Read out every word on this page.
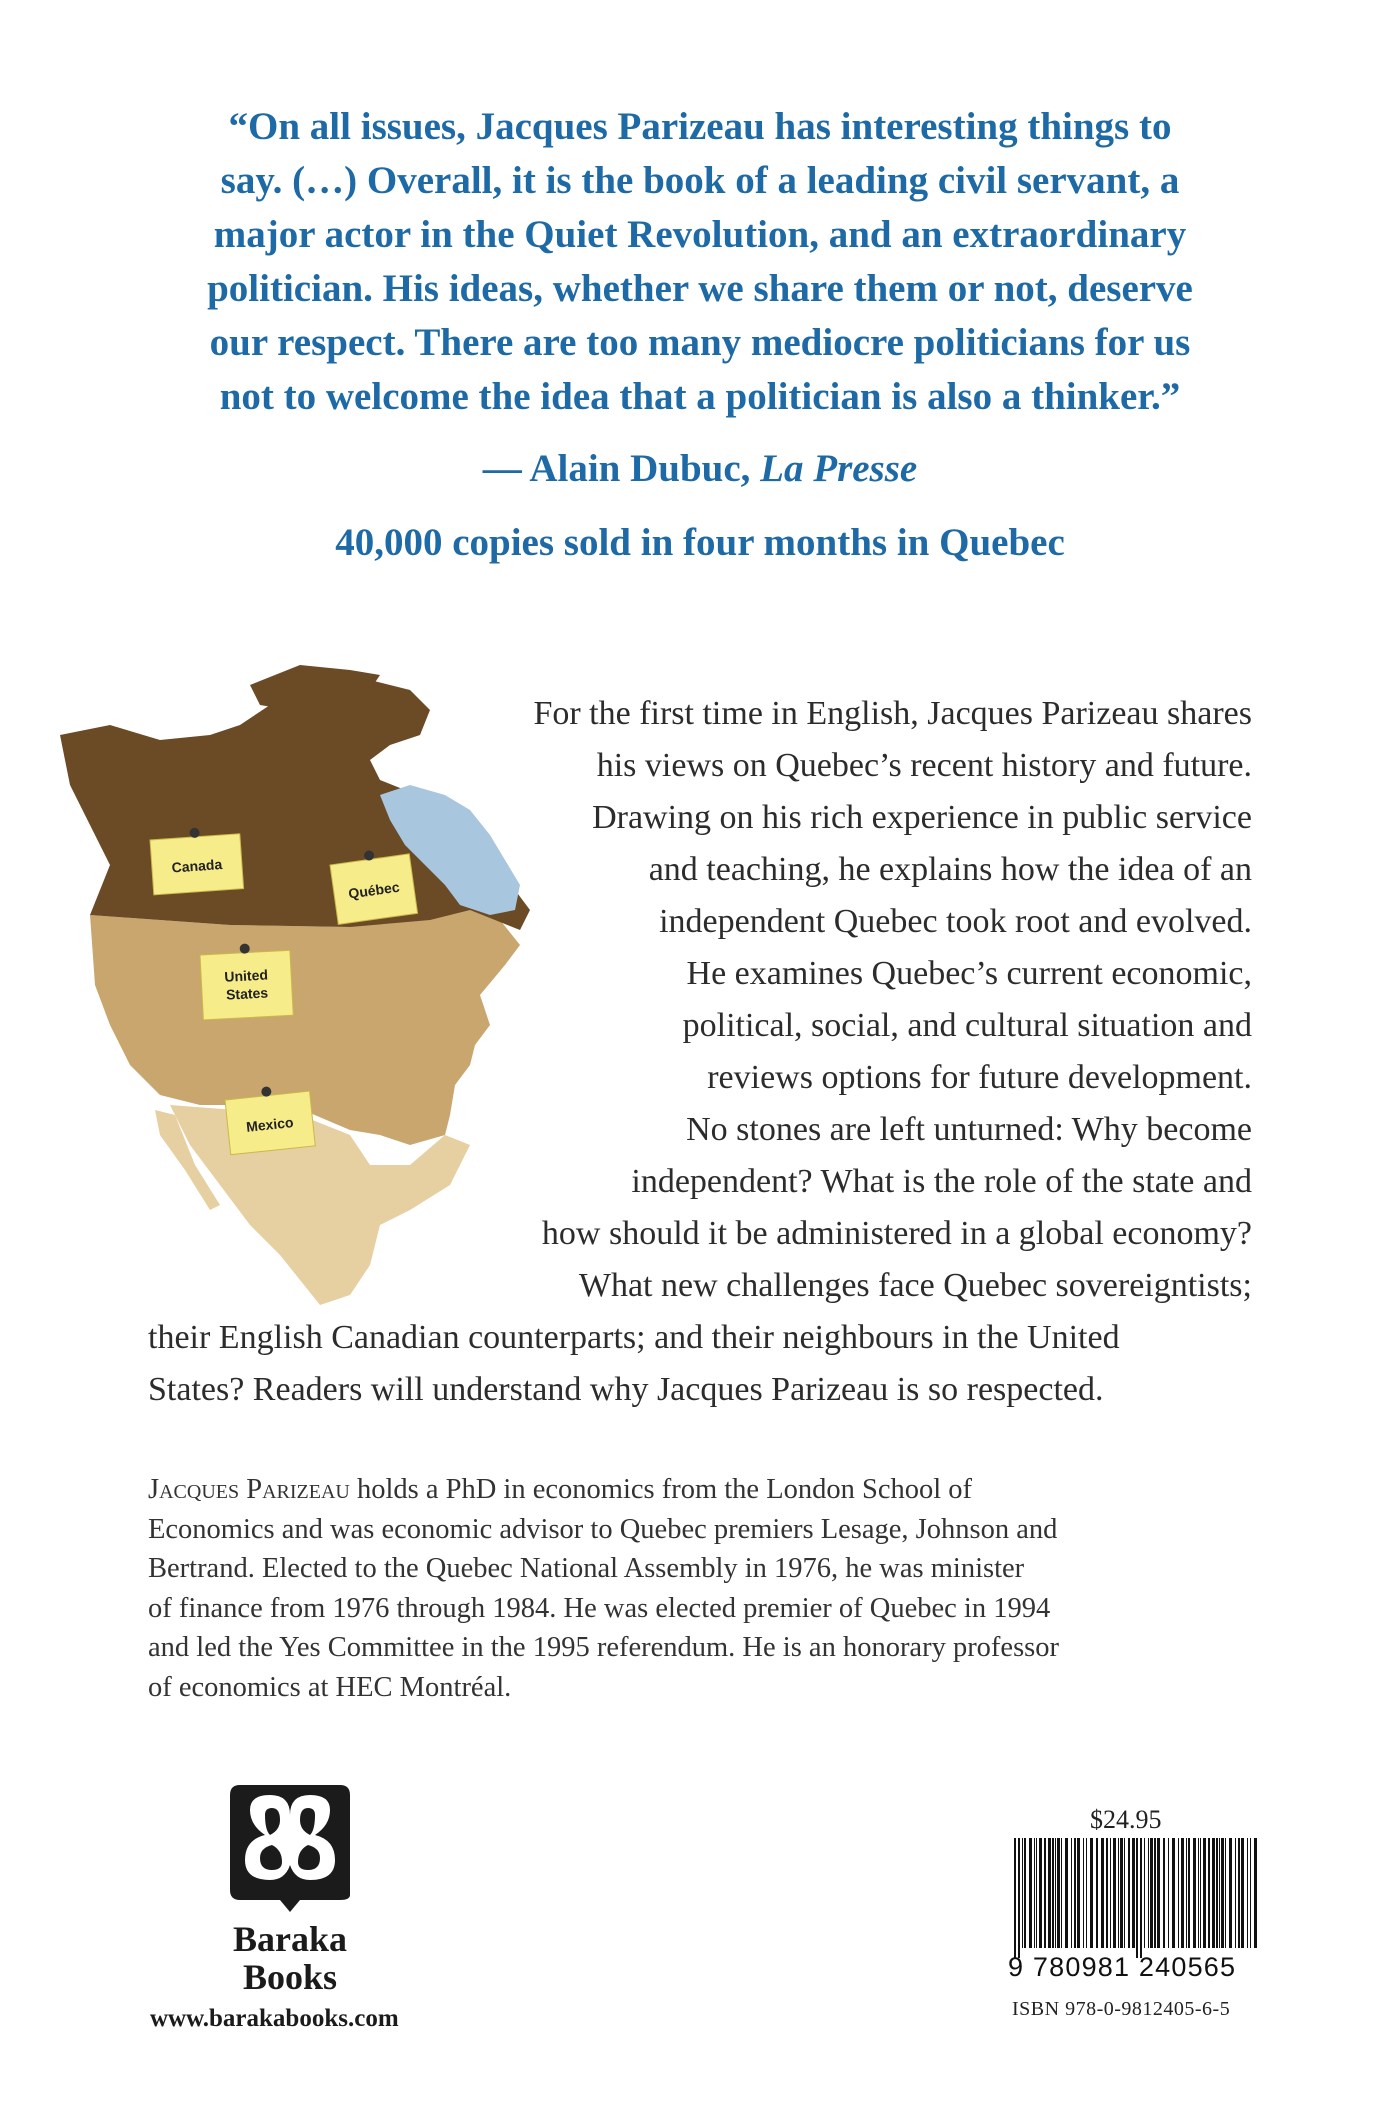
“On all issues, Jacques Parizeau has interesting things to
say. (…) Overall, it is the book of a leading civil servant, a
major actor in the Quiet Revolution, and an extraordinary
politician. His ideas, whether we share them or not, deserve
our respect. There are too many mediocre politicians for us
not to welcome the idea that a politician is also a thinker.”
— Alain Dubuc, La Presse
40,000 copies sold in four months in Quebec
Canada
Québec
United
States
Mexico
For the first time in English, Jacques Parizeau shares
his views on Quebec’s recent history and future.
Drawing on his rich experience in public service
and teaching, he explains how the idea of an
independent Quebec took root and evolved.
He examines Quebec’s current economic,
political, social, and cultural situation and
reviews options for future development.
No stones are left unturned: Why become
independent? What is the role of the state and
how should it be administered in a global economy?
What new challenges face Quebec sovereigntists;
their English Canadian counterparts; and their neighbours in the United
States? Readers will understand why Jacques Parizeau is so respected.
Jacques Parizeau holds a PhD in economics from the London School of
Economics and was economic advisor to Quebec premiers Lesage, Johnson and
Bertrand. Elected to the Quebec National Assembly in 1976, he was minister
of finance from 1976 through 1984. He was elected premier of Quebec in 1994
and led the Yes Committee in the 1995 referendum. He is an honorary professor
of economics at HEC Montréal.
Baraka
Books
www.barakabooks.com
$24.95
9 780981 240565
ISBN 978-0-9812405-6-5
